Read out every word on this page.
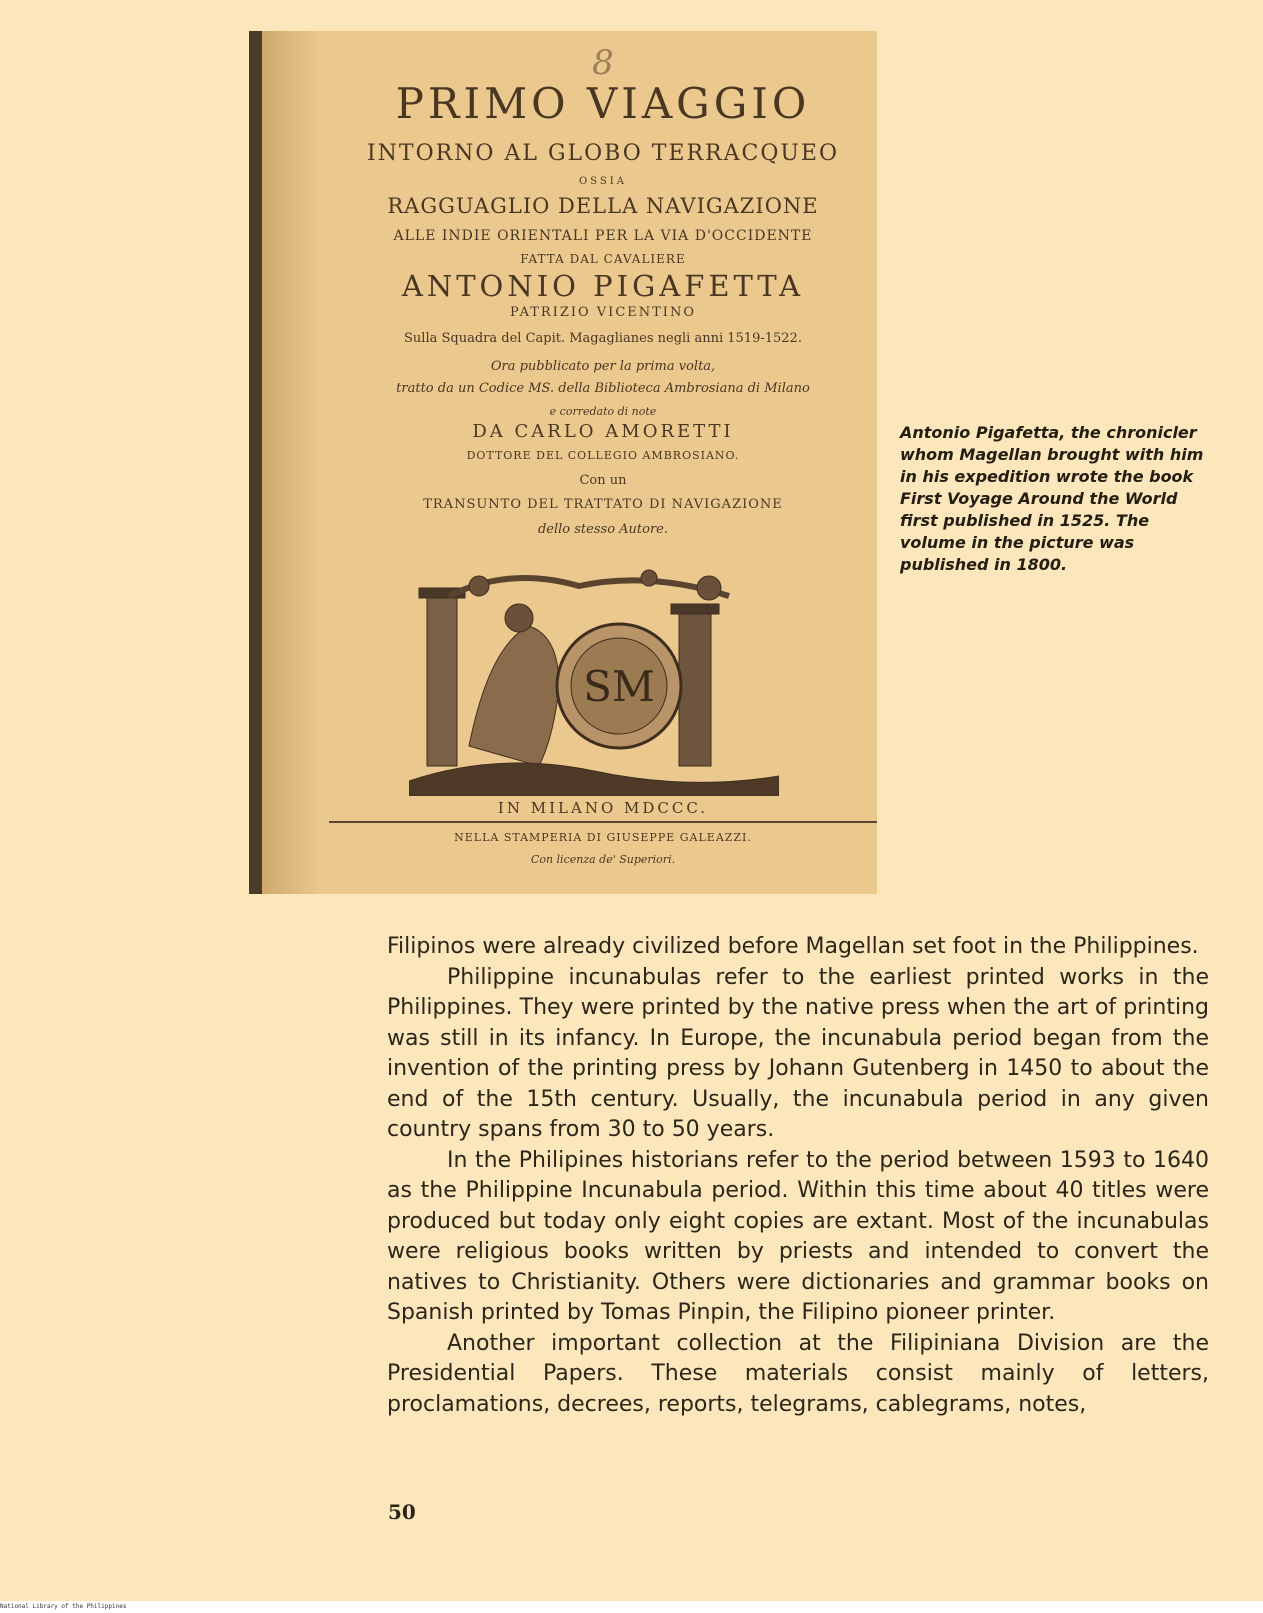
8
PRIMO VIAGGIO
INTORNO AL GLOBO TERRACQUEO
OSSIA
RAGGUAGLIO DELLA NAVIGAZIONE
ALLE INDIE ORIENTALI PER LA VIA D'OCCIDENTE
FATTA DAL CAVALIERE
ANTONIO PIGAFETTA
PATRIZIO VICENTINO
Sulla Squadra del Capit. Magaglianes negli anni 1519-1522.
Ora pubblicato per la prima volta,
tratto da un Codice MS. della Biblioteca Ambrosiana di Milano
e corredato di note
DA CARLO AMORETTI
DOTTORE DEL COLLEGIO AMBROSIANO.
Con un
TRANSUNTO DEL TRATTATO DI NAVIGAZIONE
dello stesso Autore.
SM
IN MILANO MDCCC.
NELLA STAMPERIA DI GIUSEPPE GALEAZZI.
Con licenza de' Superiori.
Antonio Pigafetta, the chronicler whom Magellan brought with him in his expedition wrote the book First Voyage Around the World first published in 1525. The volume in the picture was published in 1800.

Filipinos were already civilized before Magellan set foot in the Philippines.

Philippine incunabulas refer to the earliest printed works in the Philippines. They were printed by the native press when the art of printing was still in its infancy. In Europe, the incunabula period began from the invention of the printing press by Johann Gutenberg in 1450 to about the end of the 15th century. Usually, the incunabula period in any given country spans from 30 to 50 years.

In the Philipines historians refer to the period between 1593 to 1640 as the Philippine Incunabula period. Within this time about 40 titles were produced but today only eight copies are extant. Most of the incunabulas were religious books written by priests and intended to convert the natives to Christianity. Others were dictionaries and grammar books on Spanish printed by Tomas Pinpin, the Filipino pioneer printer.

Another important collection at the Filipiniana Division are the Presidential Papers. These materials consist mainly of letters, proclamations, decrees, reports, telegrams, cablegrams, notes,

50
National Library of the Philippines
